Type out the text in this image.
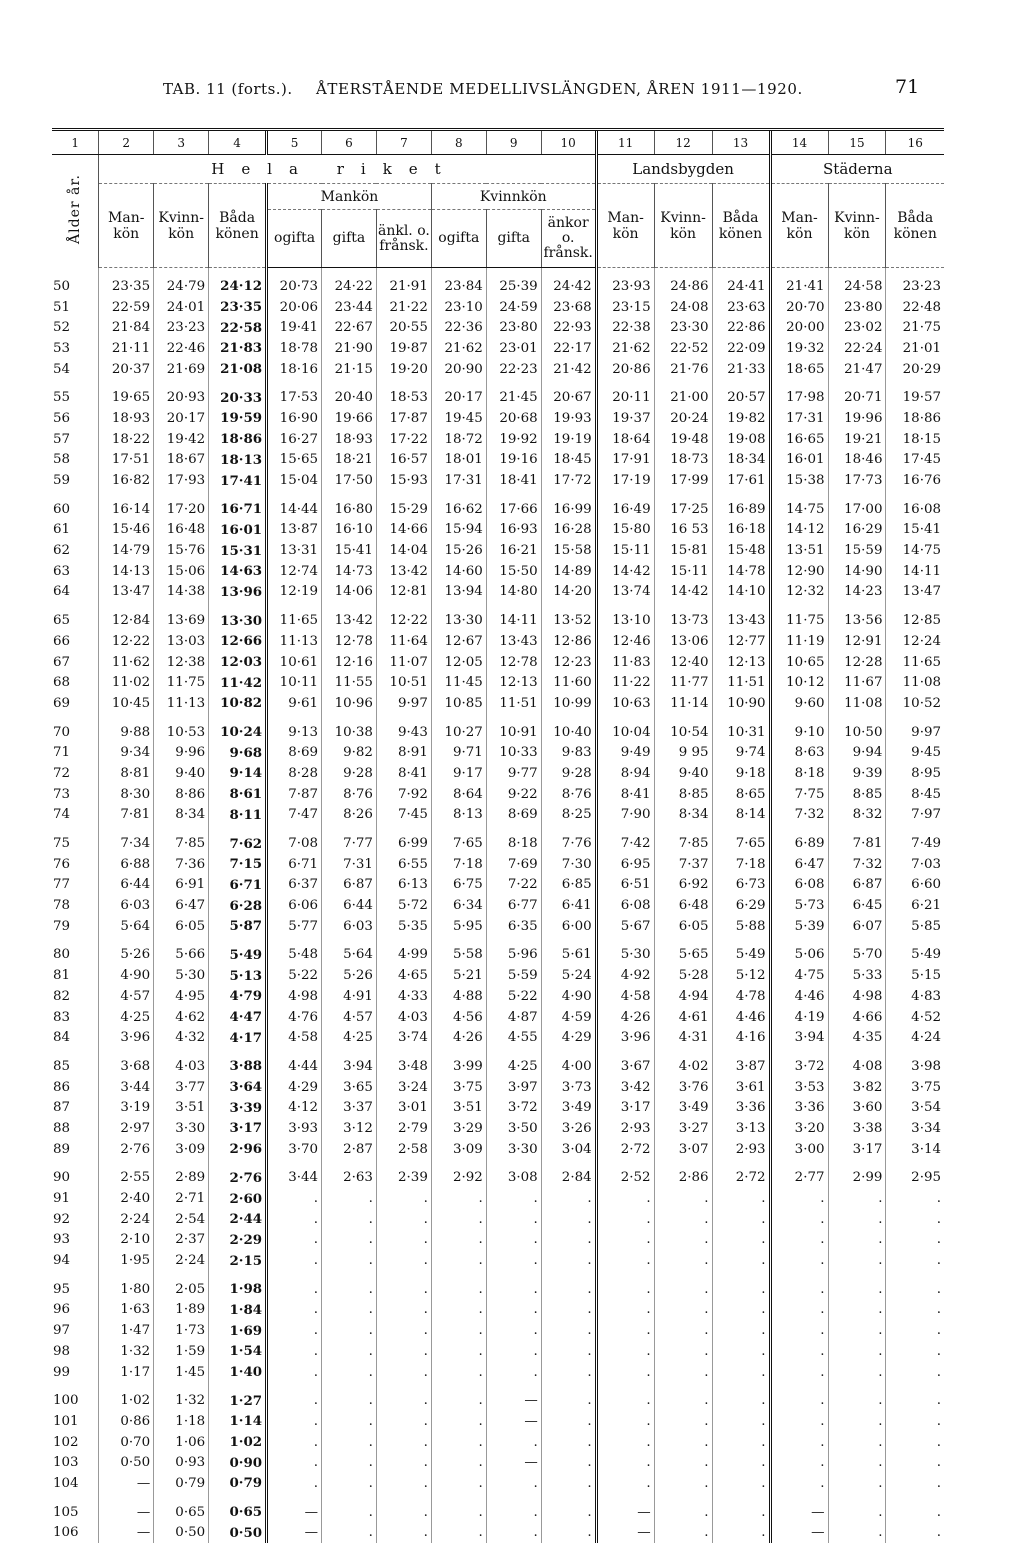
TAB. 11 (forts.). ÅTERSTÅENDE MEDELLIVSLÄNGDEN, ÅREN 1911—1920.	71
1	2	3	4	5	6	7	8	9	10	11	12	13	14	15	16
Ålder år.	Hela riket									Landsbygden			Städerna		
	Man-kön	Kvinn-kön	Båda könen	Mankön			Kvinnkön			Man-kön	Kvinn-kön	Båda könen	Man-kön	Kvinn-kön	Båda könen
				ogifta	gifta	änkl. o. frånsk.	ogifta	gifta	änkor o. frånsk.						

50	23·35	24·79	24·12	20·73	24·22	21·91	23·84	25·39	24·42	23·93	24·86	24·41	21·41	24·58	23·23
51	22·59	24·01	23·35	20·06	23·44	21·22	23·10	24·59	23·68	23·15	24·08	23·63	20·70	23·80	22·48
52	21·84	23·23	22·58	19·41	22·67	20·55	22·36	23·80	22·93	22·38	23·30	22·86	20·00	23·02	21·75
53	21·11	22·46	21·83	18·78	21·90	19·87	21·62	23·01	22·17	21·62	22·52	22·09	19·32	22·24	21·01
54	20·37	21·69	21·08	18·16	21·15	19·20	20·90	22·23	21·42	20·86	21·76	21·33	18·65	21·47	20·29

55	19·65	20·93	20·33	17·53	20·40	18·53	20·17	21·45	20·67	20·11	21·00	20·57	17·98	20·71	19·57
56	18·93	20·17	19·59	16·90	19·66	17·87	19·45	20·68	19·93	19·37	20·24	19·82	17·31	19·96	18·86
57	18·22	19·42	18·86	16·27	18·93	17·22	18·72	19·92	19·19	18·64	19·48	19·08	16·65	19·21	18·15
58	17·51	18·67	18·13	15·65	18·21	16·57	18·01	19·16	18·45	17·91	18·73	18·34	16·01	18·46	17·45
59	16·82	17·93	17·41	15·04	17·50	15·93	17·31	18·41	17·72	17·19	17·99	17·61	15·38	17·73	16·76

60	16·14	17·20	16·71	14·44	16·80	15·29	16·62	17·66	16·99	16·49	17·25	16·89	14·75	17·00	16·08
61	15·46	16·48	16·01	13·87	16·10	14·66	15·94	16·93	16·28	15·80	16 53	16·18	14·12	16·29	15·41
62	14·79	15·76	15·31	13·31	15·41	14·04	15·26	16·21	15·58	15·11	15·81	15·48	13·51	15·59	14·75
63	14·13	15·06	14·63	12·74	14·73	13·42	14·60	15·50	14·89	14·42	15·11	14·78	12·90	14·90	14·11
64	13·47	14·38	13·96	12·19	14·06	12·81	13·94	14·80	14·20	13·74	14·42	14·10	12·32	14·23	13·47

65	12·84	13·69	13·30	11·65	13·42	12·22	13·30	14·11	13·52	13·10	13·73	13·43	11·75	13·56	12·85
66	12·22	13·03	12·66	11·13	12·78	11·64	12·67	13·43	12·86	12·46	13·06	12·77	11·19	12·91	12·24
67	11·62	12·38	12·03	10·61	12·16	11·07	12·05	12·78	12·23	11·83	12·40	12·13	10·65	12·28	11·65
68	11·02	11·75	11·42	10·11	11·55	10·51	11·45	12·13	11·60	11·22	11·77	11·51	10·12	11·67	11·08
69	10·45	11·13	10·82	9·61	10·96	9·97	10·85	11·51	10·99	10·63	11·14	10·90	9·60	11·08	10·52

70	9·88	10·53	10·24	9·13	10·38	9·43	10·27	10·91	10·40	10·04	10·54	10·31	9·10	10·50	9·97
71	9·34	9·96	9·68	8·69	9·82	8·91	9·71	10·33	9·83	9·49	9 95	9·74	8·63	9·94	9·45
72	8·81	9·40	9·14	8·28	9·28	8·41	9·17	9·77	9·28	8·94	9·40	9·18	8·18	9·39	8·95
73	8·30	8·86	8·61	7·87	8·76	7·92	8·64	9·22	8·76	8·41	8·85	8·65	7·75	8·85	8·45
74	7·81	8·34	8·11	7·47	8·26	7·45	8·13	8·69	8·25	7·90	8·34	8·14	7·32	8·32	7·97

75	7·34	7·85	7·62	7·08	7·77	6·99	7·65	8·18	7·76	7·42	7·85	7·65	6·89	7·81	7·49
76	6·88	7·36	7·15	6·71	7·31	6·55	7·18	7·69	7·30	6·95	7·37	7·18	6·47	7·32	7·03
77	6·44	6·91	6·71	6·37	6·87	6·13	6·75	7·22	6·85	6·51	6·92	6·73	6·08	6·87	6·60
78	6·03	6·47	6·28	6·06	6·44	5·72	6·34	6·77	6·41	6·08	6·48	6·29	5·73	6·45	6·21
79	5·64	6·05	5·87	5·77	6·03	5·35	5·95	6·35	6·00	5·67	6·05	5·88	5·39	6·07	5·85

80	5·26	5·66	5·49	5·48	5·64	4·99	5·58	5·96	5·61	5·30	5·65	5·49	5·06	5·70	5·49
81	4·90	5·30	5·13	5·22	5·26	4·65	5·21	5·59	5·24	4·92	5·28	5·12	4·75	5·33	5·15
82	4·57	4·95	4·79	4·98	4·91	4·33	4·88	5·22	4·90	4·58	4·94	4·78	4·46	4·98	4·83
83	4·25	4·62	4·47	4·76	4·57	4·03	4·56	4·87	4·59	4·26	4·61	4·46	4·19	4·66	4·52
84	3·96	4·32	4·17	4·58	4·25	3·74	4·26	4·55	4·29	3·96	4·31	4·16	3·94	4·35	4·24

85	3·68	4·03	3·88	4·44	3·94	3·48	3·99	4·25	4·00	3·67	4·02	3·87	3·72	4·08	3·98
86	3·44	3·77	3·64	4·29	3·65	3·24	3·75	3·97	3·73	3·42	3·76	3·61	3·53	3·82	3·75
87	3·19	3·51	3·39	4·12	3·37	3·01	3·51	3·72	3·49	3·17	3·49	3·36	3·36	3·60	3·54
88	2·97	3·30	3·17	3·93	3·12	2·79	3·29	3·50	3·26	2·93	3·27	3·13	3·20	3·38	3·34
89	2·76	3·09	2·96	3·70	2·87	2·58	3·09	3·30	3·04	2·72	3·07	2·93	3·00	3·17	3·14

90	2·55	2·89	2·76	3·44	2·63	2·39	2·92	3·08	2·84	2·52	2·86	2·72	2·77	2·99	2·95
91	2·40	2·71	2·60	.	.	.	.	.	.	.	.	.	.	.	.
92	2·24	2·54	2·44	.	.	.	.	.	.	.	.	.	.	.	.
93	2·10	2·37	2·29	.	.	.	.	.	.	.	.	.	.	.	.
94	1·95	2·24	2·15	.	.	.	.	.	.	.	.	.	.	.	.

95	1·80	2·05	1·98	.	.	.	.	.	.	.	.	.	.	.	.
96	1·63	1·89	1·84	.	.	.	.	.	.	.	.	.	.	.	.
97	1·47	1·73	1·69	.	.	.	.	.	.	.	.	.	.	.	.
98	1·32	1·59	1·54	.	.	.	.	.	.	.	.	.	.	.	.
99	1·17	1·45	1·40	.	.	.	.	.	.	.	.	.	.	.	.

100	1·02	1·32	1·27	.	.	.	.	—	.	.	.	.	.	.	.
101	0·86	1·18	1·14	.	.	.	.	—	.	.	.	.	.	.	.
102	0·70	1·06	1·02	.	.	.	.	.	.	.	.	.	.	.	.
103	0·50	0·93	0·90	.	.	.	.	—	.	.	.	.	.	.	.
104	—	0·79	0·79	.	.	.	.	.	.	.	.	.	.	.	.

105	—	0·65	0·65	—	.	.	.	.	.	—	.	.	—	.	.
106	—	0·50	0·50	—	.	.	.	.	.	—	.	.	—	.	.
